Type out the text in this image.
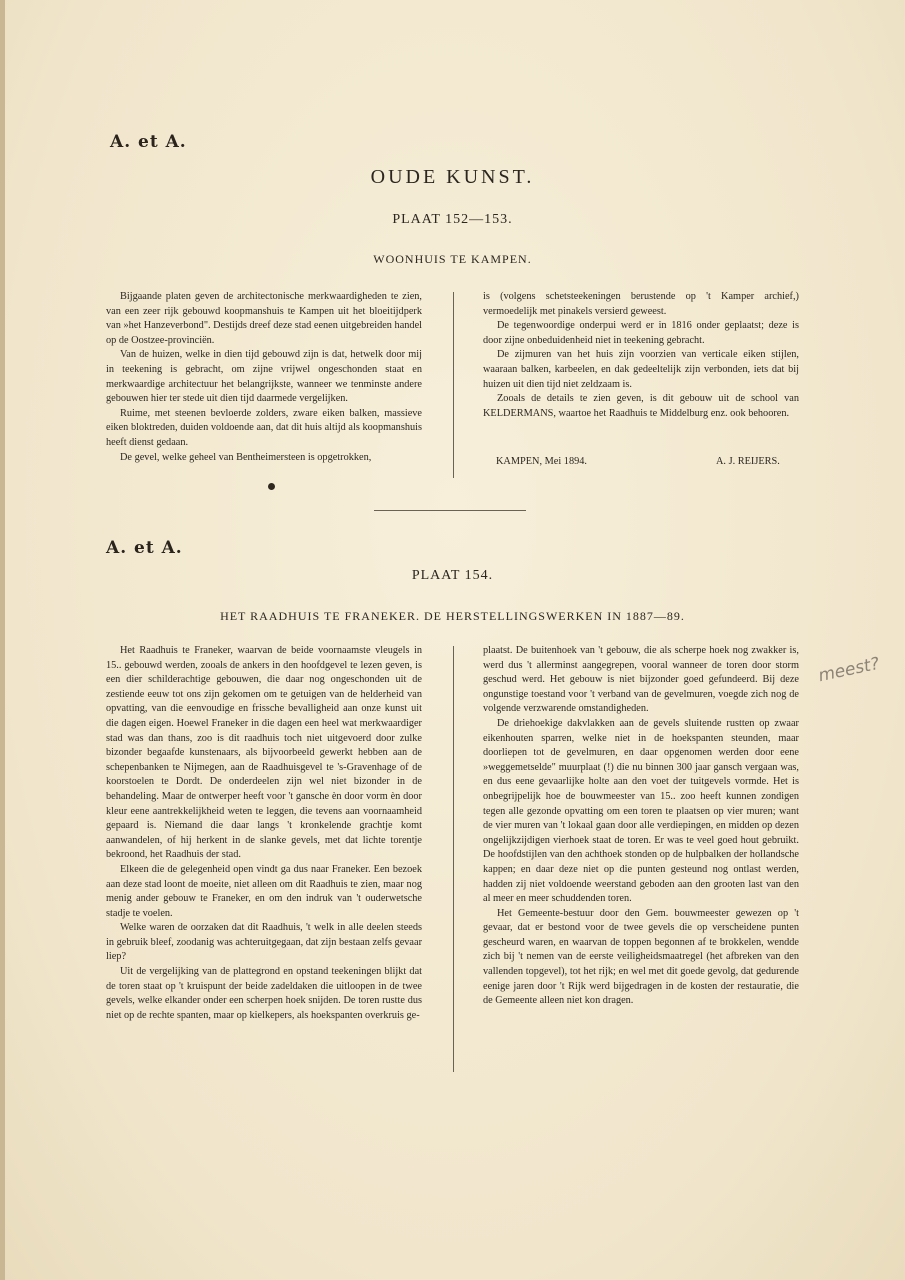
A. et A.
OUDE KUNST.
PLAAT 152—153.
WOONHUIS TE KAMPEN.

Bijgaande platen geven de architectonische merkwaardigheden te zien, van een zeer rijk gebouwd koopmanshuis te Kampen uit het bloeitijdperk van »het Hanzeverbond". Destijds dreef deze stad eenen uitgebreiden handel op de Oostzee-provinciën.

Van de huizen, welke in dien tijd gebouwd zijn is dat, hetwelk door mij in teekening is gebracht, om zijne vrijwel ongeschonden staat en merkwaardige architectuur het belangrijkste, wanneer we tenminste andere gebouwen hier ter stede uit dien tijd daarmede vergelijken.

Ruime, met steenen bevloerde zolders, zware eiken balken, massieve eiken bloktreden, duiden voldoende aan, dat dit huis altijd als koopmanshuis heeft dienst gedaan.

De gevel, welke geheel van Bentheimersteen is opgetrokken,

is (volgens schetsteekeningen berustende op 't Kamper archief,) vermoedelijk met pinakels versierd geweest.

De tegenwoordige onderpui werd er in 1816 onder geplaatst; deze is door zijne onbeduidenheid niet in teekening gebracht.

De zijmuren van het huis zijn voorzien van verticale eiken stijlen, waaraan balken, karbeelen, en dak gedeeltelijk zijn verbonden, iets dat bij huizen uit dien tijd niet zeldzaam is.

Zooals de details te zien geven, is dit gebouw uit de school van KELDERMANS, waartoe het Raadhuis te Middelburg enz. ook behooren.

KAMPEN, Mei 1894.	A. J. REIJERS.
A. et A.
PLAAT 154.
HET RAADHUIS TE FRANEKER. DE HERSTELLINGSWERKEN IN 1887—89.

Het Raadhuis te Franeker, waarvan de beide voornaamste vleugels in 15.. gebouwd werden, zooals de ankers in den hoofdgevel te lezen geven, is een dier schilderachtige gebouwen, die daar nog ongeschonden uit de zestiende eeuw tot ons zijn gekomen om te getuigen van de helderheid van opvatting, van die eenvoudige en frissche bevalligheid aan onze kunst uit die dagen eigen. Hoewel Franeker in die dagen een heel wat merkwaardiger stad was dan thans, zoo is dit raadhuis toch niet uitgevoerd door zulke bizonder begaafde kunstenaars, als bijvoorbeeld gewerkt hebben aan de schepenbanken te Nijmegen, aan de Raadhuisgevel te 's-Gravenhage of de koorstoelen te Dordt. De onderdeelen zijn wel niet bizonder in de behandeling. Maar de ontwerper heeft voor 't gansche èn door vorm èn door kleur eene aantrekkelijkheid weten te leggen, die tevens aan voornaamheid gepaard is. Niemand die daar langs 't kronkelende grachtje komt aanwandelen, of hij herkent in de slanke gevels, met dat lichte torentje bekroond, het Raadhuis der stad.

Elkeen die de gelegenheid open vindt ga dus naar Franeker. Een bezoek aan deze stad loont de moeite, niet alleen om dit Raadhuis te zien, maar nog menig ander gebouw te Franeker, en om den indruk van 't ouderwetsche stadje te voelen.

Welke waren de oorzaken dat dit Raadhuis, 't welk in alle deelen steeds in gebruik bleef, zoodanig was achteruitgegaan, dat zijn bestaan zelfs gevaar liep?

Uit de vergelijking van de plattegrond en opstand teekeningen blijkt dat de toren staat op 't kruispunt der beide zadeldaken die uitloopen in de twee gevels, welke elkander onder een scherpen hoek snijden. De toren rustte dus niet op de rechte spanten, maar op kielkepers, als hoekspanten overkruis ge-

plaatst. De buitenhoek van 't gebouw, die als scherpe hoek nog zwakker is, werd dus 't allerminst aangegrepen, vooral wanneer de toren door storm geschud werd. Het gebouw is niet bijzonder goed gefundeerd. Bij deze ongunstige toestand voor 't verband van de gevelmuren, voegde zich nog de volgende verzwarende omstandigheden.

De driehoekige dakvlakken aan de gevels sluitende rustten op zwaar eikenhouten sparren, welke niet in de hoekspanten steunden, maar doorliepen tot de gevelmuren, en daar opgenomen werden door eene »weggemetselde" muurplaat (!) die nu binnen 300 jaar gansch vergaan was, en dus eene gevaarlijke holte aan den voet der tuitgevels vormde. Het is onbegrijpelijk hoe de bouwmeester van 15.. zoo heeft kunnen zondigen tegen alle gezonde opvatting om een toren te plaatsen op vier muren; want de vier muren van 't lokaal gaan door alle verdiepingen, en midden op dezen ongelijkzijdigen vierhoek staat de toren. Er was te veel goed hout gebruikt. De hoofdstijlen van den achthoek stonden op de hulpbalken der hollandsche kappen; en daar deze niet op die punten gesteund nog ontlast werden, hadden zij niet voldoende weerstand geboden aan den grooten last van den al meer en meer schuddenden toren.

Het Gemeente-bestuur door den Gem. bouwmeester gewezen op 't gevaar, dat er bestond voor de twee gevels die op verscheidene punten gescheurd waren, en waarvan de toppen begonnen af te brokkelen, wendde zich bij 't nemen van de eerste veiligheidsmaatregel (het afbreken van den vallenden topgevel), tot het rijk; en wel met dit goede gevolg, dat gedurende eenige jaren door 't Rijk werd bijgedragen in de kosten der restauratie, die de Gemeente alleen niet kon dragen.

meest?
